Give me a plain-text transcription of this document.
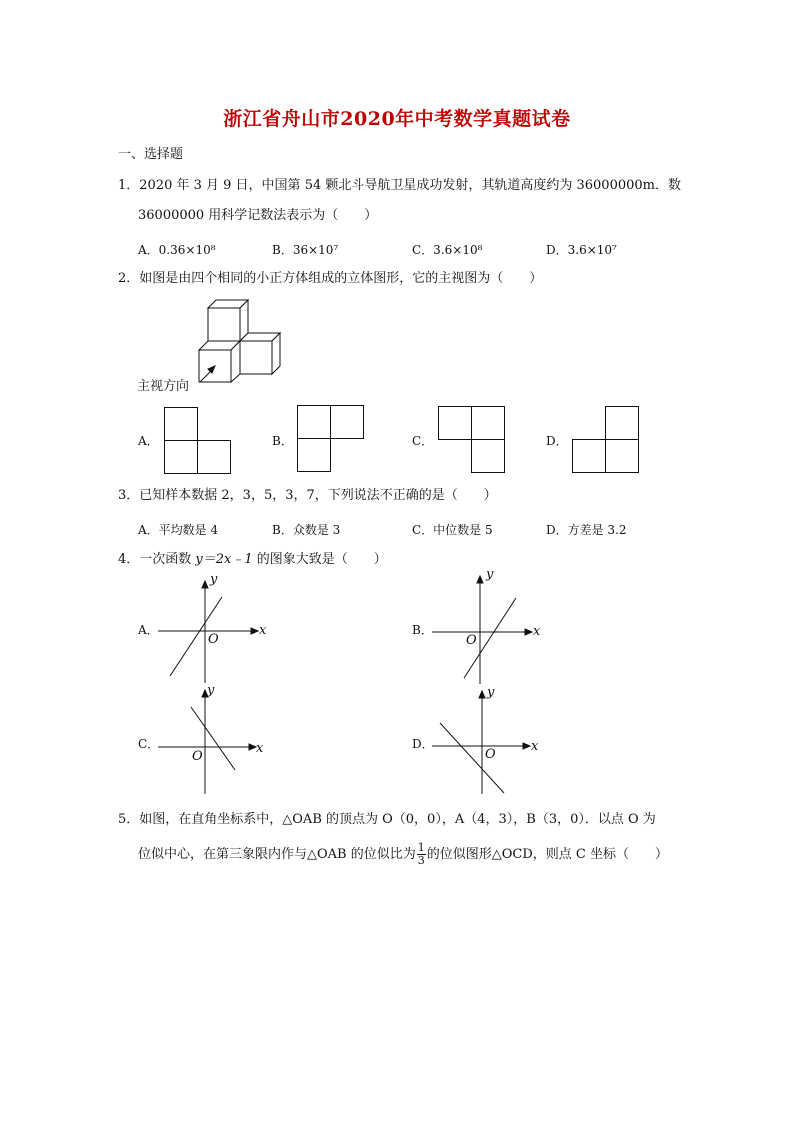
浙江省舟山市2020年中考数学真题试卷
一、选择题
1．2020 年 3 月 9 日，中国第 54 颗北斗导航卫星成功发射，其轨道高度约为 36000000m．数
36000000 用科学记数法表示为（　　）
A．0.36×10⁸	B．36×10⁷	C．3.6×10⁸	D．3.6×10⁷
2．如图是由四个相同的小正方体组成的立体图形，它的主视图为（　　）
主视方向
A．	B．	C．	D．
3．已知样本数据 2，3，5，3，7，下列说法不正确的是（　　）
A．平均数是 4	B．众数是 3	C．中位数是 5	D．方差是 3.2
4．一次函数 y＝2x﹣1 的图象大致是（　　）
A．	x
y
O
B．	x
y
O
C．	x
y
O
D．	x
y
O
5．如图，在直角坐标系中，△OAB 的顶点为 O（0，0），A（4，3），B（3，0）．以点 O 为
位似中心，在第三象限内作与△OAB 的位似比为 $\frac{1}{3}$ 的位似图形△OCD，则点 C 坐标（　　）
